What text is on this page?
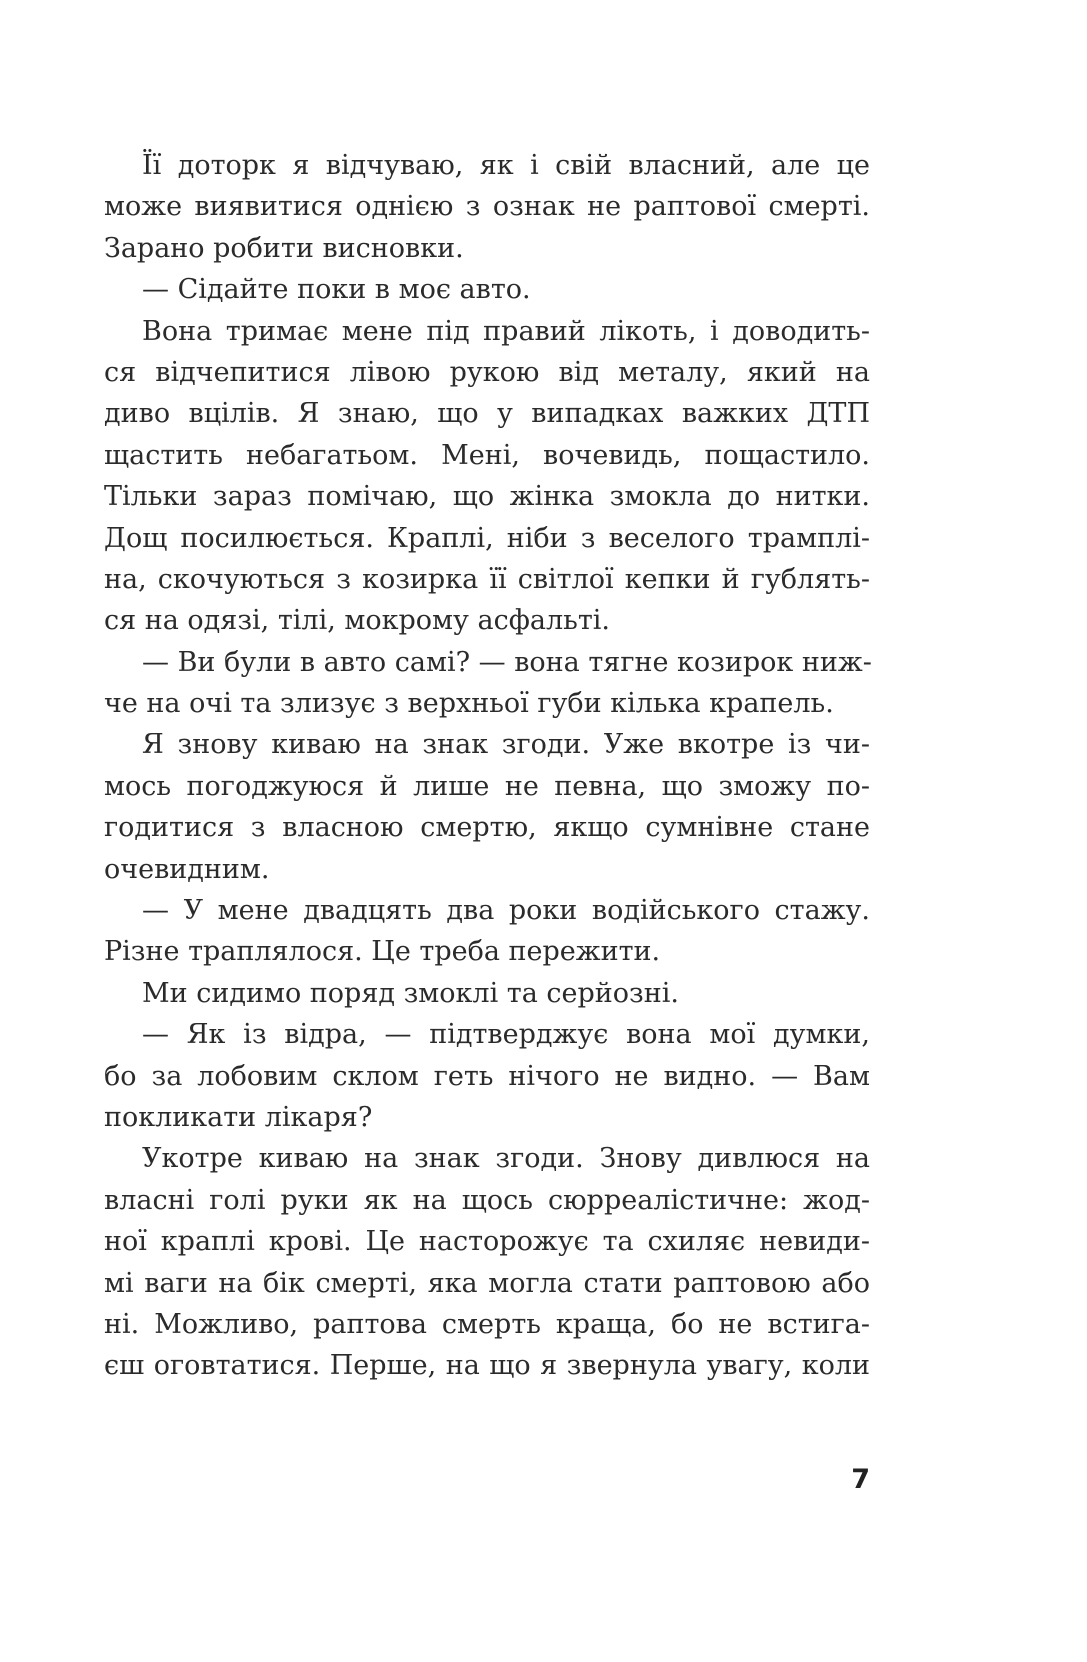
Її доторк я відчуваю, як і свій власний, але це
може виявитися однією з ознак не раптової смерті.
Зарано робити висновки.
— Сідайте поки в моє авто.
Вона тримає мене під правий лікоть, і доводить-
ся відчепитися лівою рукою від металу, який на
диво вцілів. Я знаю, що у випадках важких ДТП
щастить небагатьом. Мені, вочевидь, пощастило.
Тільки зараз помічаю, що жінка змокла до нитки.
Дощ посилюється. Краплі, ніби з веселого трамплі-
на, скочуються з козирка її світлої кепки й гублять-
ся на одязі, тілі, мокрому асфальті.
— Ви були в авто самі? — вона тягне козирок ниж-
че на очі та злизує з верхньої губи кілька крапель.
Я знову киваю на знак згоди. Уже вкотре із чи-
мось погоджуюся й лише не певна, що зможу по-
годитися з власною смертю, якщо сумнівне стане
очевидним.
— У мене двадцять два роки водійського стажу.
Різне траплялося. Це треба пережити.
Ми сидимо поряд змоклі та серйозні.
— Як із відра, — підтверджує вона мої думки,
бо за лобовим склом геть нічого не видно. — Вам
покликати лікаря?
Укотре киваю на знак згоди. Знову дивлюся на
власні голі руки як на щось сюрреалістичне: жод-
ної краплі крові. Це насторожує та схиляє невиди-
мі ваги на бік смерті, яка могла стати раптовою або
ні. Можливо, раптова смерть краща, бо не встига-
єш оговтатися. Перше, на що я звернула увагу, коли
7
